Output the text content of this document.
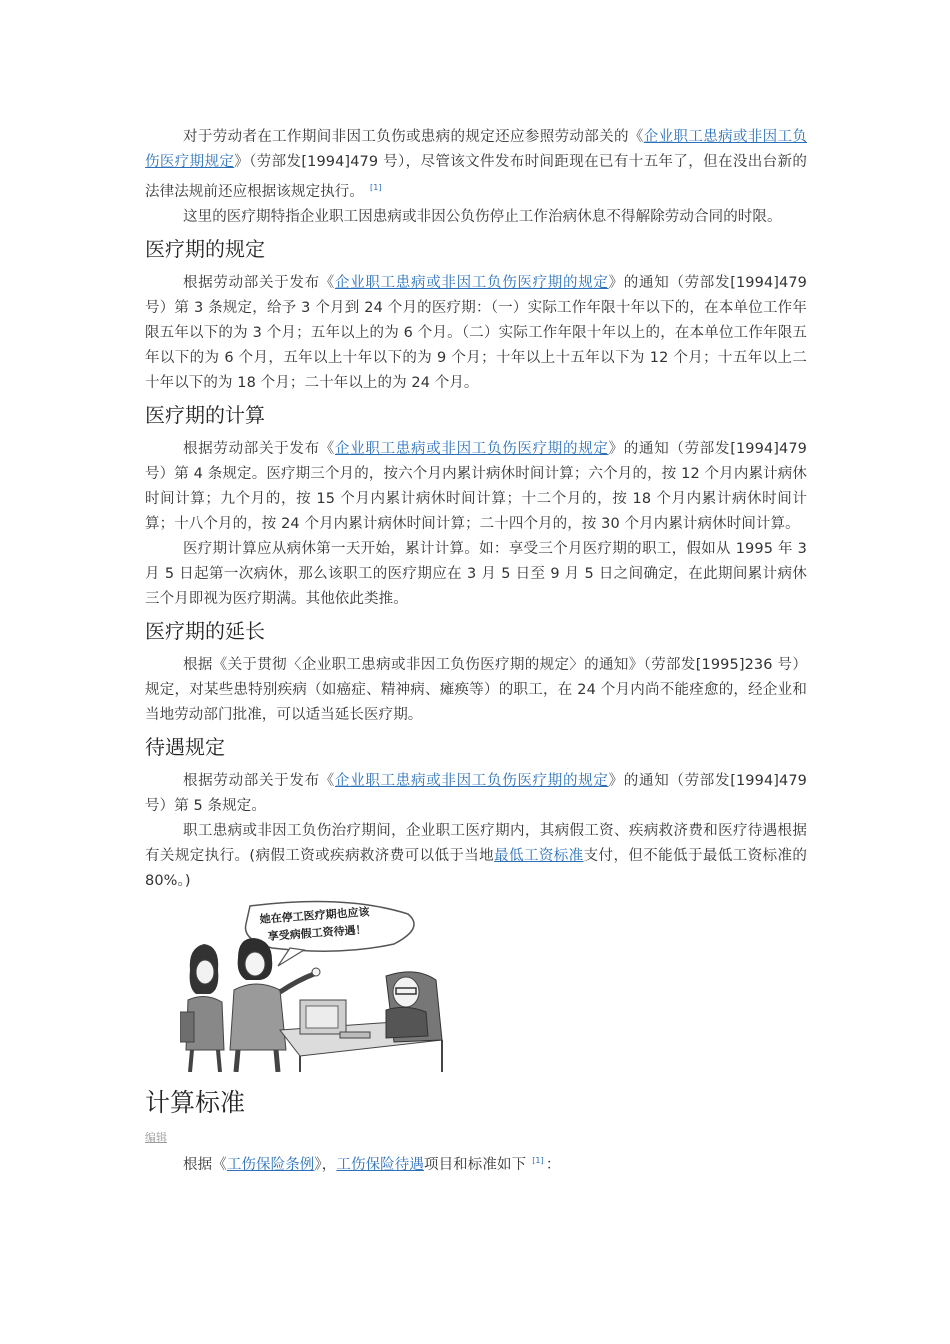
对于劳动者在工作期间非因工负伤或患病的规定还应参照劳动部关的《企业职工患病或非因工负伤医疗期规定》（劳部发[1994]479 号），尽管该文件发布时间距现在已有十五年了，但在没出台新的法律法规前还应根据该规定执行。 [1]

这里的医疗期特指企业职工因患病或非因公负伤停止工作治病休息不得解除劳动合同的时限。

医疗期的规定

根据劳动部关于发布《企业职工患病或非因工负伤医疗期的规定》的通知（劳部发[1994]479 号）第 3 条规定，给予 3 个月到 24 个月的医疗期：（一）实际工作年限十年以下的，在本单位工作年限五年以下的为 3 个月；五年以上的为 6 个月。（二）实际工作年限十年以上的，在本单位工作年限五年以下的为 6 个月，五年以上十年以下的为 9 个月；十年以上十五年以下为 12 个月；十五年以上二十年以下的为 18 个月；二十年以上的为 24 个月。

医疗期的计算

根据劳动部关于发布《企业职工患病或非因工负伤医疗期的规定》的通知（劳部发[1994]479 号）第 4 条规定。医疗期三个月的，按六个月内累计病休时间计算；六个月的，按 12 个月内累计病休时间计算；九个月的，按 15 个月内累计病休时间计算；十二个月的，按 18 个月内累计病休时间计算；十八个月的，按 24 个月内累计病休时间计算；二十四个月的，按 30 个月内累计病休时间计算。

医疗期计算应从病休第一天开始，累计计算。如：享受三个月医疗期的职工，假如从 1995 年 3 月 5 日起第一次病休，那么该职工的医疗期应在 3 月 5 日至 9 月 5 日之间确定，在此期间累计病休三个月即视为医疗期满。其他依此类推。

医疗期的延长

根据《关于贯彻〈企业职工患病或非因工负伤医疗期的规定〉的通知》（劳部发[1995]236 号）规定，对某些患特别疾病（如癌症、精神病、瘫痪等）的职工，在 24 个月内尚不能痊愈的，经企业和当地劳动部门批准，可以适当延长医疗期。

待遇规定

根据劳动部关于发布《企业职工患病或非因工负伤医疗期的规定》的通知（劳部发[1994]479 号）第 5 条规定。

职工患病或非因工负伤治疗期间，企业职工医疗期内，其病假工资、疾病救济费和医疗待遇根据有关规定执行。(病假工资或疾病救济费可以低于当地最低工资标准支付，但不能低于最低工资标准的 80%。)

她在停工医疗期也应该
享受病假工资待遇！
计算标准
编辑

根据《工伤保险条例》，工伤保险待遇项目和标准如下 [1] ：
